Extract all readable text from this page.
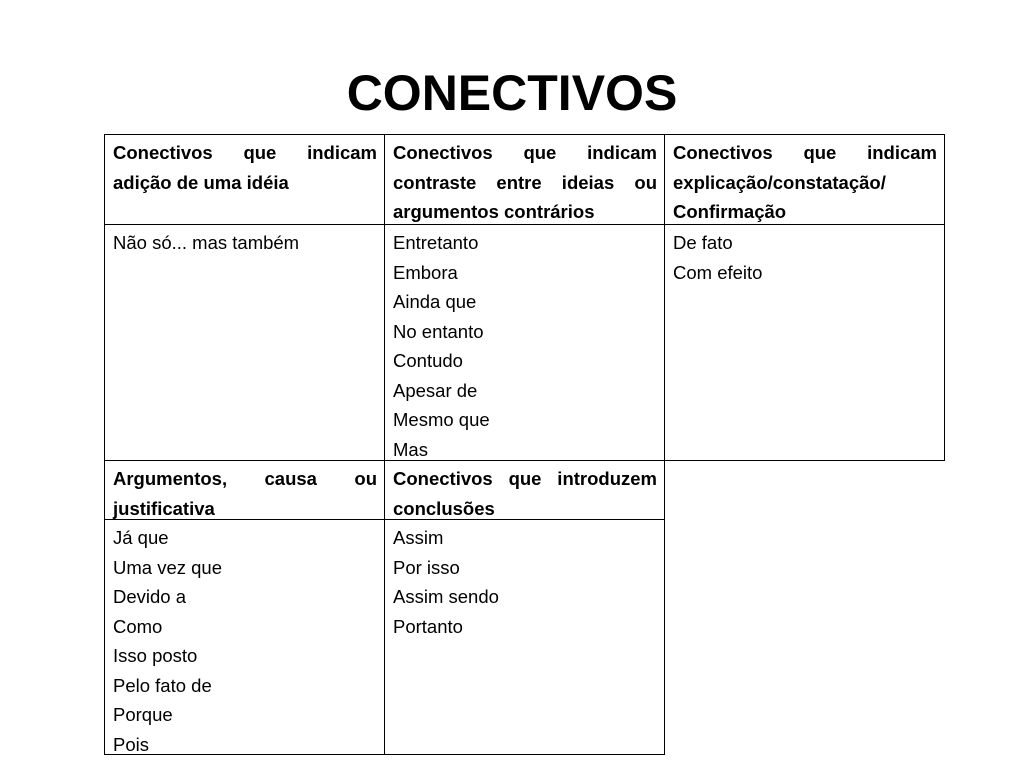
CONECTIVOS
Conectivos que indicam adição de uma idéia
Conectivos que indicam contraste entre ideias ou argumentos contrários
Conectivos que indicam explicação/constatação/ Confirmação
Não só... mas também	Entretanto
Embora
Ainda que
No entanto
Contudo
Apesar de
Mesmo que
Mas
De fato
Com efeito
Argumentos, causa ou justificativa
Conectivos que introduzem conclusões
Já que
Uma vez que
Devido a
Como
Isso posto
Pelo fato de
Porque
Pois
Assim
Por isso
Assim sendo
Portanto
